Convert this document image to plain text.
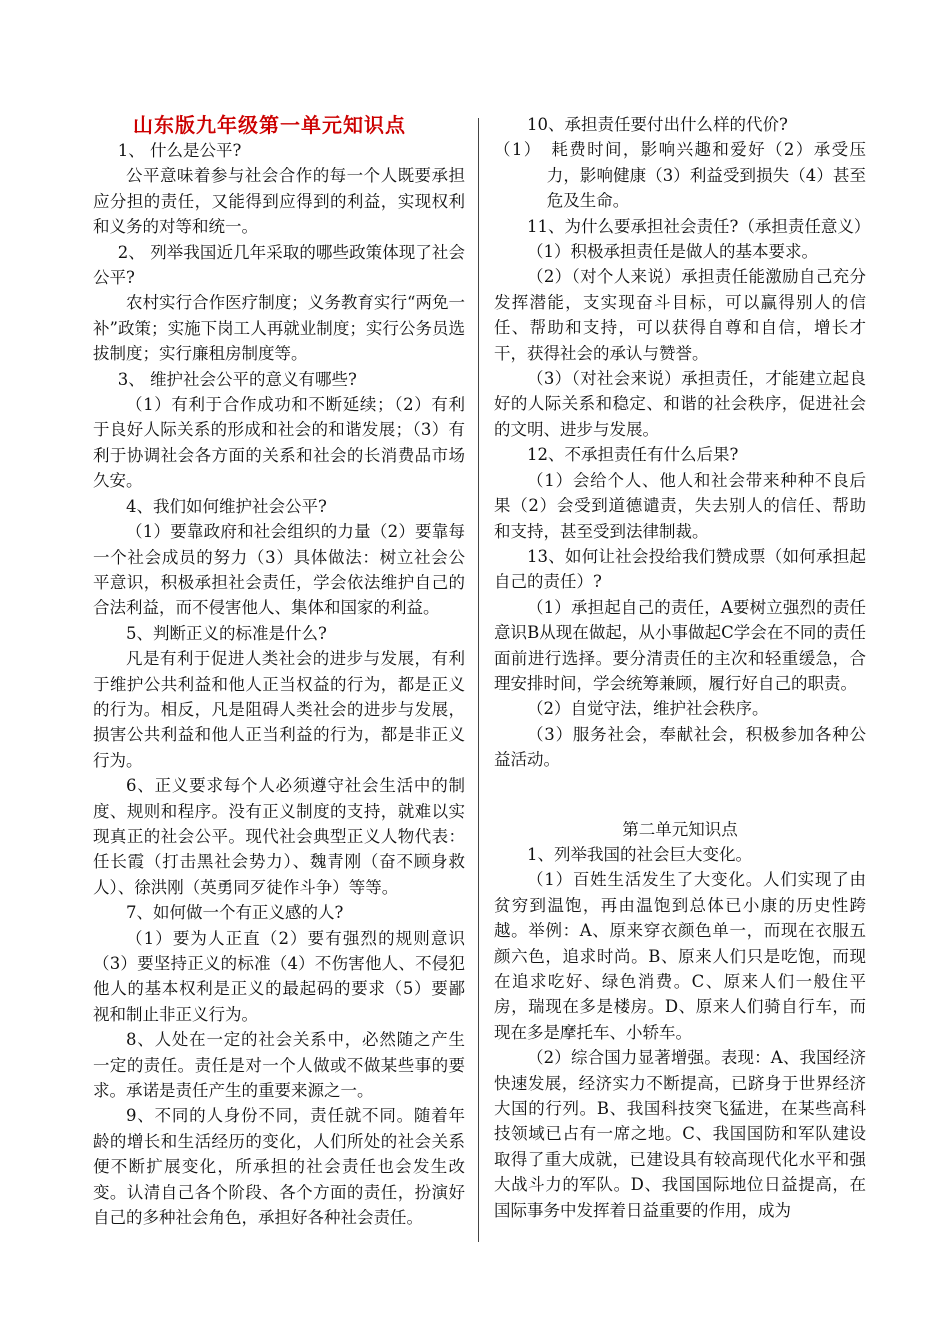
山东版九年级第一单元知识点

1、 什么是公平?

公平意味着参与社会合作的每一个人既要承担应分担的责任，又能得到应得到的利益，实现权利和义务的对等和统一。

2、 列举我国近几年采取的哪些政策体现了社会公平?

农村实行合作医疗制度；义务教育实行“两免一补”政策；实施下岗工人再就业制度；实行公务员选拔制度；实行廉租房制度等。

3、 维护社会公平的意义有哪些?

（1）有利于合作成功和不断延续；（2）有利于良好人际关系的形成和社会的和谐发展；（3）有利于协调社会各方面的关系和社会的长消费品市场久安。

4、我们如何维护社会公平?

（1）要靠政府和社会组织的力量（2）要靠每一个社会成员的努力（3）具体做法：树立社会公平意识，积极承担社会责任，学会依法维护自己的合法利益，而不侵害他人、集体和国家的利益。

5、判断正义的标准是什么?

凡是有利于促进人类社会的进步与发展，有利于维护公共利益和他人正当权益的行为，都是正义的行为。相反，凡是阻碍人类社会的进步与发展，损害公共利益和他人正当利益的行为，都是非正义行为。

6、正义要求每个人必须遵守社会生活中的制度、规则和程序。没有正义制度的支持，就难以实现真正的社会公平。现代社会典型正义人物代表：任长霞（打击黑社会势力）、魏青刚（奋不顾身救人）、徐洪刚（英勇同歹徒作斗争）等等。

7、如何做一个有正义感的人?

（1）要为人正直（2）要有强烈的规则意识（3）要坚持正义的标准（4）不伤害他人、不侵犯他人的基本权利是正义的最起码的要求（5）要鄙视和制止非正义行为。

8、人处在一定的社会关系中，必然随之产生一定的责任。责任是对一个人做或不做某些事的要求。承诺是责任产生的重要来源之一。

9、不同的人身份不同，责任就不同。随着年龄的增长和生活经历的变化，人们所处的社会关系便不断扩展变化，所承担的社会责任也会发生改变。认清自己各个阶段、各个方面的责任，扮演好自己的多种社会角色，承担好各种社会责任。

10、承担责任要付出什么样的代价?

（1）　耗费时间，影响兴趣和爱好（2）承受压力，影响健康（3）利益受到损失（4）甚至危及生命。

11、为什么要承担社会责任?（承担责任意义）

（1）积极承担责任是做人的基本要求。

（2）（对个人来说）承担责任能激励自己充分发挥潜能，支实现奋斗目标，可以赢得别人的信任、帮助和支持，可以获得自尊和自信，增长才干，获得社会的承认与赞誉。

（3）（对社会来说）承担责任，才能建立起良好的人际关系和稳定、和谐的社会秩序，促进社会的文明、进步与发展。

12、不承担责任有什么后果?

（1）会给个人、他人和社会带来种种不良后果（2）会受到道德谴责，失去别人的信任、帮助和支持，甚至受到法律制裁。

13、如何让社会投给我们赞成票（如何承担起自己的责任）?

（1）承担起自己的责任，A要树立强烈的责任意识B从现在做起，从小事做起C学会在不同的责任面前进行选择。要分清责任的主次和轻重缓急，合理安排时间，学会统筹兼顾，履行好自己的职责。

（2）自觉守法，维护社会秩序。

（3）服务社会，奉献社会，积极参加各种公益活动。

第二单元知识点

1、列举我国的社会巨大变化。

（1）百姓生活发生了大变化。人们实现了由贫穷到温饱，再由温饱到总体已小康的历史性跨越。举例：A、原来穿衣颜色单一，而现在衣服五颜六色，追求时尚。B、原来人们只是吃饱，而现在追求吃好、绿色消费。C、原来人们一般住平房，瑞现在多是楼房。D、原来人们骑自行车，而现在多是摩托车、小轿车。

（2）综合国力显著增强。表现：A、我国经济快速发展，经济实力不断提高，已跻身于世界经济大国的行列。B、我国科技突飞猛进，在某些高科技领域已占有一席之地。C、我国国防和军队建设取得了重大成就，已建设具有较高现代化水平和强大战斗力的军队。D、我国国际地位日益提高，在国际事务中发挥着日益重要的作用，成为
